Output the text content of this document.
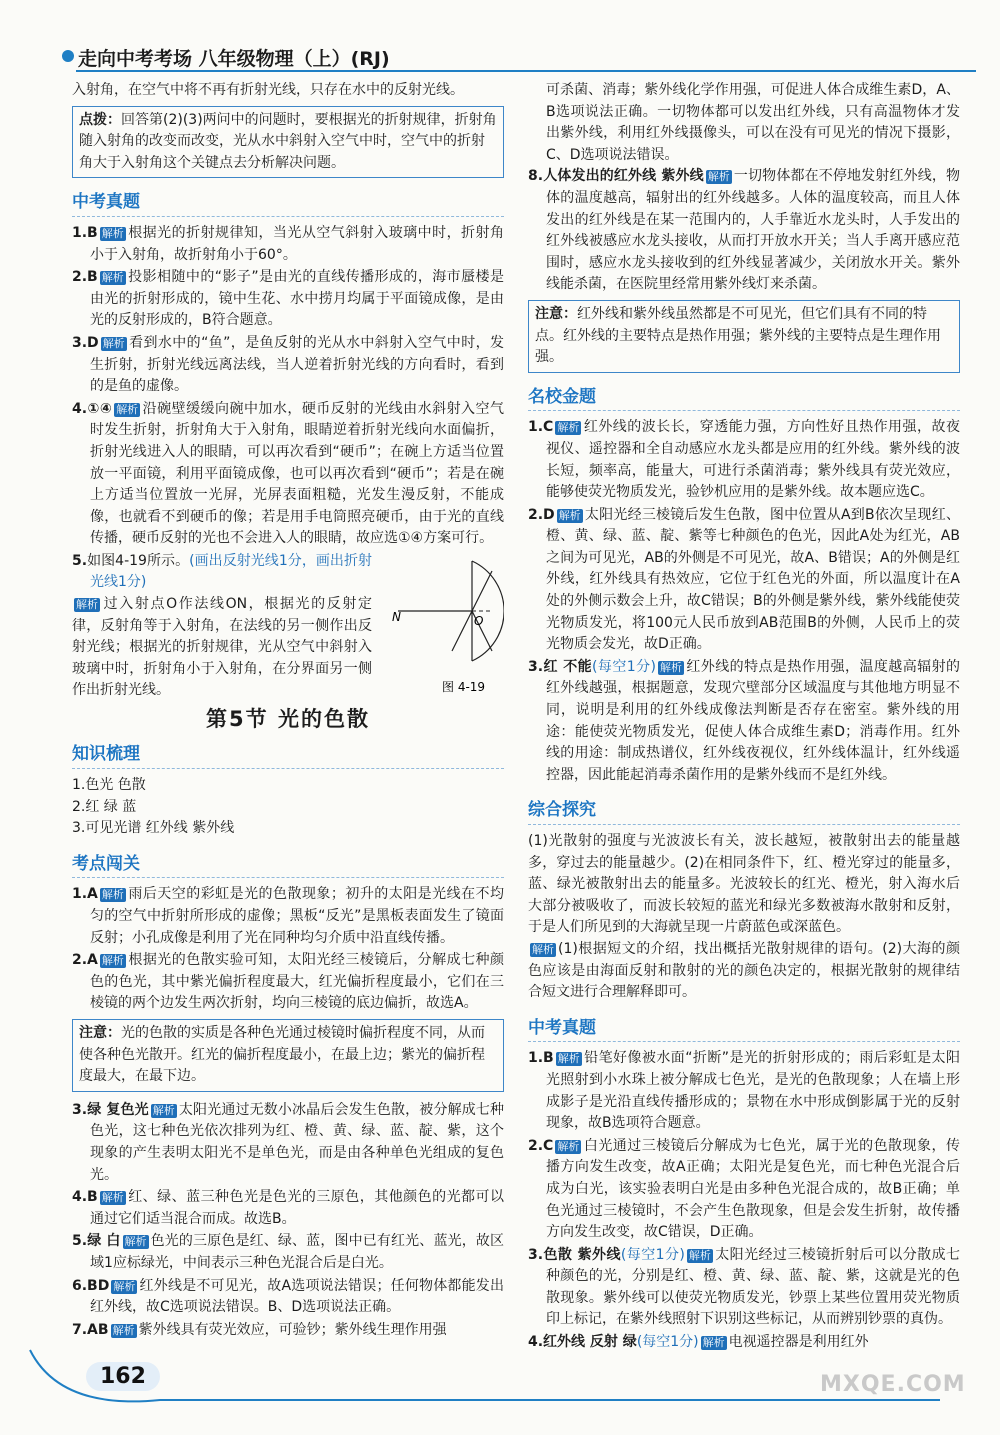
走向中考考场 八年级物理（上）(RJ)

入射角，在空气中将不再有折射光线，只存在水中的反射光线。

点拨：回答第(2)(3)两问中的问题时，要根据光的折射规律，折射角随入射角的改变而改变，光从水中斜射入空气中时，空气中的折射角大于入射角这个关键点去分析解决问题。
中考真题

1.B 解析 根据光的折射规律知，当光从空气斜射入玻璃中时，折射角小于入射角，故折射角小于60°。

2.B 解析 投影相随中的“影子”是由光的直线传播形成的，海市蜃楼是由光的折射形成的，镜中生花、水中捞月均属于平面镜成像，是由光的反射形成的，B符合题意。

3.D 解析 看到水中的“鱼”，是鱼反射的光从水中斜射入空气中时，发生折射，折射光线远离法线，当人逆着折射光线的方向看时，看到的是鱼的虚像。

4.①④ 解析 沿碗壁缓缓向碗中加水，硬币反射的光线由水斜射入空气时发生折射，折射角大于入射角，眼睛逆着折射光线向水面偏折，折射光线进入人的眼睛，可以再次看到“硬币”；在碗上方适当位置放一平面镜，利用平面镜成像，也可以再次看到“硬币”；若是在碗上方适当位置放一光屏，光屏表面粗糙，光发生漫反射，不能成像，也就看不到硬币的像；若是用手电筒照亮硬币，由于光的直线传播，硬币反射的光也不会进入人的眼睛，故应选①④方案可行。

5.如图4-19所示。(画出反射光线1分，画出折射光线1分)

解析 过入射点O作法线ON，根据光的反射定律，反射角等于入射角，在法线的另一侧作出反射光线；根据光的折射规律，光从空气中斜射入玻璃中时，折射角小于入射角，在分界面另一侧作出折射光线。

N	O
图 4-19
第5节 光的色散
知识梳理

1.色光 色散

2.红 绿 蓝

3.可见光谱 红外线 紫外线

考点闯关

1.A 解析 雨后天空的彩虹是光的色散现象；初升的太阳是光线在不均匀的空气中折射所形成的虚像；黑板“反光”是黑板表面发生了镜面反射；小孔成像是利用了光在同种均匀介质中沿直线传播。

2.A 解析 根据光的色散实验可知，太阳光经三棱镜后，分解成七种颜色的色光，其中紫光偏折程度最大，红光偏折程度最小，它们在三棱镜的两个边发生两次折射，均向三棱镜的底边偏折，故选A。

注意：光的色散的实质是各种色光通过棱镜时偏折程度不同，从而使各种色光散开。红光的偏折程度最小，在最上边；紫光的偏折程度最大，在最下边。

3.绿 复色光 解析 太阳光通过无数小冰晶后会发生色散，被分解成七种色光，这七种色光依次排列为红、橙、黄、绿、蓝、靛、紫，这个现象的产生表明太阳光不是单色光，而是由各种单色光组成的复色光。

4.B 解析 红、绿、蓝三种色光是色光的三原色，其他颜色的光都可以通过它们适当混合而成。故选B。

5.绿 白 解析 色光的三原色是红、绿、蓝，图中已有红光、蓝光，故区域1应标绿光，中间表示三种色光混合后是白光。

6.BD 解析 红外线是不可见光，故A选项说法错误；任何物体都能发出红外线，故C选项说法错误。B、D选项说法正确。

7.AB 解析 紫外线具有荧光效应，可验钞；紫外线生理作用强

可杀菌、消毒；紫外线化学作用强，可促进人体合成维生素D，A、B选项说法正确。一切物体都可以发出红外线，只有高温物体才发出紫外线，利用红外线摄像头，可以在没有可见光的情况下摄影，C、D选项说法错误。

8.人体发出的红外线 紫外线 解析 一切物体都在不停地发射红外线，物体的温度越高，辐射出的红外线越多。人体的温度较高，而且人体发出的红外线是在某一范围内的，人手靠近水龙头时，人手发出的红外线被感应水龙头接收，从而打开放水开关；当人手离开感应范围时，感应水龙头接收到的红外线显著减少，关闭放水开关。紫外线能杀菌，在医院里经常用紫外线灯来杀菌。

注意：红外线和紫外线虽然都是不可见光，但它们具有不同的特点。红外线的主要特点是热作用强；紫外线的主要特点是生理作用强。
名校金题

1.C 解析 红外线的波长长，穿透能力强，方向性好且热作用强，故夜视仪、遥控器和全自动感应水龙头都是应用的红外线。紫外线的波长短，频率高，能量大，可进行杀菌消毒；紫外线具有荧光效应，能够使荧光物质发光，验钞机应用的是紫外线。故本题应选C。

2.D 解析 太阳光经三棱镜后发生色散，图中位置从A到B依次呈现红、橙、黄、绿、蓝、靛、紫等七种颜色的色光，因此A处为红光，AB之间为可见光，AB的外侧是不可见光，故A、B错误；A的外侧是红外线，红外线具有热效应，它位于红色光的外面，所以温度计在A处的外侧示数会上升，故C错误；B的外侧是紫外线，紫外线能使荧光物质发光，将100元人民币放到AB范围B的外侧，人民币上的荧光物质会发光，故D正确。

3.红 不能(每空1分) 解析 红外线的特点是热作用强，温度越高辐射的红外线越强，根据题意，发现穴壁部分区域温度与其他地方明显不同，说明是利用的红外线成像法判断是否存在密室。紫外线的用途：能使荧光物质发光，促使人体合成维生素D；消毒作用。红外线的用途：制成热谱仪，红外线夜视仪，红外线体温计，红外线遥控器，因此能起消毒杀菌作用的是紫外线而不是红外线。

综合探究

(1)光散射的强度与光波波长有关，波长越短，被散射出去的能量越多，穿过去的能量越少。(2)在相同条件下，红、橙光穿过的能量多，蓝、绿光被散射出去的能量多。光波较长的红光、橙光，射入海水后大部分被吸收了，而波长较短的蓝光和绿光多数被海水散射和反射，于是人们所见到的大海就呈现一片蔚蓝色或深蓝色。

解析 (1)根据短文的介绍，找出概括光散射规律的语句。(2)大海的颜色应该是由海面反射和散射的光的颜色决定的，根据光散射的规律结合短文进行合理解释即可。

中考真题

1.B 解析 铅笔好像被水面“折断”是光的折射形成的；雨后彩虹是太阳光照射到小水珠上被分解成七色光，是光的色散现象；人在墙上形成影子是光沿直线传播形成的；景物在水中形成倒影属于光的反射现象，故B选项符合题意。

2.C 解析 白光通过三棱镜后分解成为七色光，属于光的色散现象，传播方向发生改变，故A正确；太阳光是复色光，而七种色光混合后成为白光，该实验表明白光是由多种色光混合成的，故B正确；单色光通过三棱镜时，不会产生色散现象，但是会发生折射，故传播方向发生改变，故C错误，D正确。

3.色散 紫外线(每空1分) 解析 太阳光经过三棱镜折射后可以分散成七种颜色的光，分别是红、橙、黄、绿、蓝、靛、紫，这就是光的色散现象。紫外线可以使荧光物质发光，钞票上某些位置用荧光物质印上标记，在紫外线照射下识别这些标记，从而辨别钞票的真伪。

4.红外线 反射 绿(每空1分) 解析 电视遥控器是利用红外

162	MXQE.COM
